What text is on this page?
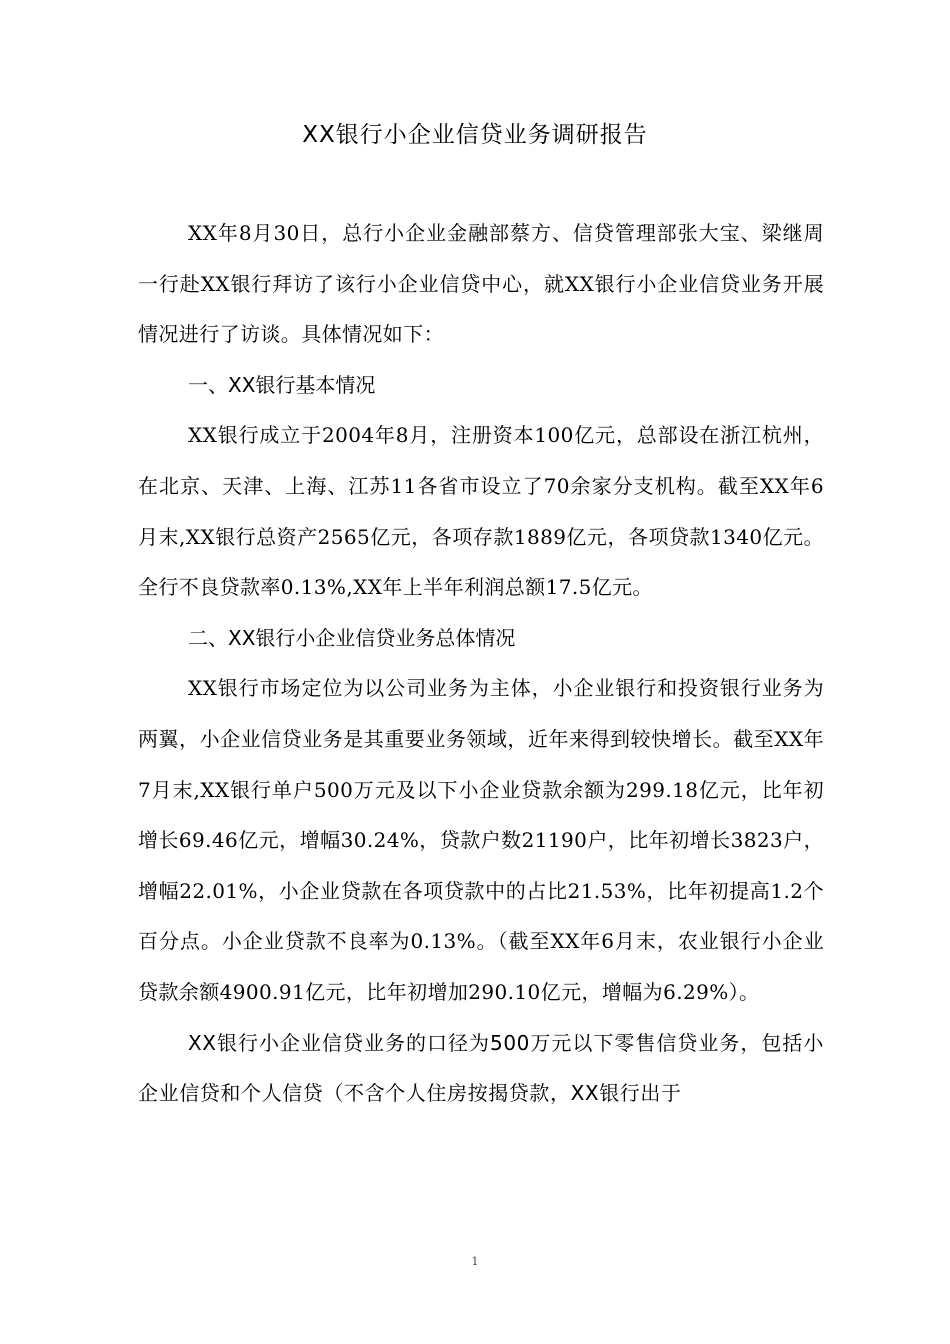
XX银行小企业信贷业务调研报告

XX年8月30日，总行小企业金融部蔡方、信贷管理部张大宝、梁继周一行赴XX银行拜访了该行小企业信贷中心，就XX银行小企业信贷业务开展情况进行了访谈。具体情况如下：

一、XX银行基本情况

XX银行成立于2004年8月，注册资本100亿元，总部设在浙江杭州，在北京、天津、上海、江苏11各省市设立了70余家分支机构。截至XX年6月末,XX银行总资产2565亿元，各项存款1889亿元，各项贷款1340亿元。全行不良贷款率0.13%,XX年上半年利润总额17.5亿元。

二、XX银行小企业信贷业务总体情况

XX银行市场定位为以公司业务为主体，小企业银行和投资银行业务为两翼，小企业信贷业务是其重要业务领域，近年来得到较快增长。截至XX年7月末,XX银行单户500万元及以下小企业贷款余额为299.18亿元，比年初增长69.46亿元，增幅30.24%，贷款户数21190户，比年初增长3823户，增幅22.01%，小企业贷款在各项贷款中的占比21.53%，比年初提高1.2个百分点。小企业贷款不良率为0.13%。（截至XX年6月末，农业银行小企业贷款余额4900.91亿元，比年初增加290.10亿元，增幅为6.29%）。

XX银行小企业信贷业务的口径为500万元以下零售信贷业务，包括小企业信贷和个人信贷（不含个人住房按揭贷款，XX银行出于

1
